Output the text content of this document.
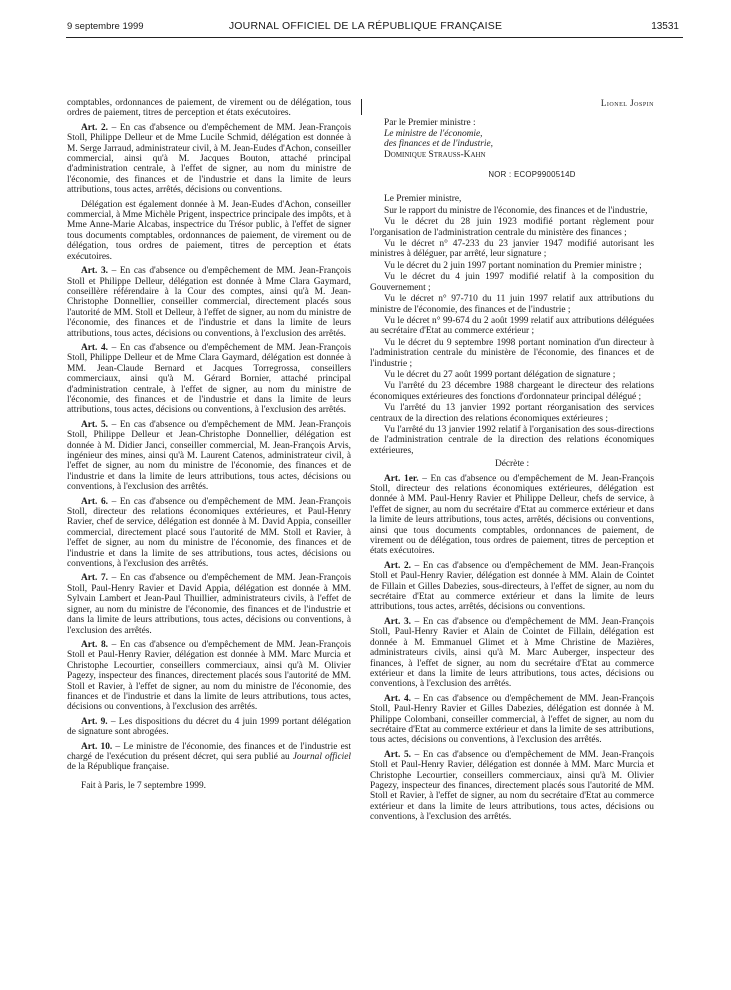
9 septembre 1999	JOURNAL OFFICIEL DE LA RÉPUBLIQUE FRANÇAISE	13531

comptables, ordonnances de paiement, de virement ou de délégation, tous ordres de paiement, titres de perception et états exécutoires.

Art. 2. – En cas d'absence ou d'empêchement de MM. Jean-François Stoll, Philippe Delleur et de Mme Lucile Schmid, délégation est donnée à M. Serge Jarraud, administrateur civil, à M. Jean-Eudes d'Achon, conseiller commercial, ainsi qu'à M. Jacques Bouton, attaché principal d'administration centrale, à l'effet de signer, au nom du ministre de l'économie, des finances et de l'industrie et dans la limite de leurs attributions, tous actes, arrêtés, décisions ou conventions.

Délégation est également donnée à M. Jean-Eudes d'Achon, conseiller commercial, à Mme Michèle Prigent, inspectrice principale des impôts, et à Mme Anne-Marie Alcabas, inspectrice du Trésor public, à l'effet de signer tous documents comptables, ordonnances de paiement, de virement ou de délégation, tous ordres de paiement, titres de perception et états exécutoires.

Art. 3. – En cas d'absence ou d'empêchement de MM. Jean-François Stoll et Philippe Delleur, délégation est donnée à Mme Clara Gaymard, conseillère référendaire à la Cour des comptes, ainsi qu'à M. Jean-Christophe Donnellier, conseiller commercial, directement placés sous l'autorité de MM. Stoll et Delleur, à l'effet de signer, au nom du ministre de l'économie, des finances et de l'industrie et dans la limite de leurs attributions, tous actes, décisions ou conventions, à l'exclusion des arrêtés.

Art. 4. – En cas d'absence ou d'empêchement de MM. Jean-François Stoll, Philippe Delleur et de Mme Clara Gaymard, délégation est donnée à MM. Jean-Claude Bernard et Jacques Torregrossa, conseillers commerciaux, ainsi qu'à M. Gérard Bornier, attaché principal d'administration centrale, à l'effet de signer, au nom du ministre de l'économie, des finances et de l'industrie et dans la limite de leurs attributions, tous actes, décisions ou conventions, à l'exclusion des arrêtés.

Art. 5. – En cas d'absence ou d'empêchement de MM. Jean-François Stoll, Philippe Delleur et Jean-Christophe Donnellier, délégation est donnée à M. Didier Janci, conseiller commercial, M. Jean-François Arvis, ingénieur des mines, ainsi qu'à M. Laurent Catenos, administrateur civil, à l'effet de signer, au nom du ministre de l'économie, des finances et de l'industrie et dans la limite de leurs attributions, tous actes, décisions ou conventions, à l'exclusion des arrêtés.

Art. 6. – En cas d'absence ou d'empêchement de MM. Jean-François Stoll, directeur des relations économiques extérieures, et Paul-Henry Ravier, chef de service, délégation est donnée à M. David Appia, conseiller commercial, directement placé sous l'autorité de MM. Stoll et Ravier, à l'effet de signer, au nom du ministre de l'économie, des finances et de l'industrie et dans la limite de ses attributions, tous actes, décisions ou conventions, à l'exclusion des arrêtés.

Art. 7. – En cas d'absence ou d'empêchement de MM. Jean-François Stoll, Paul-Henry Ravier et David Appia, délégation est donnée à MM. Sylvain Lambert et Jean-Paul Thuillier, administrateurs civils, à l'effet de signer, au nom du ministre de l'économie, des finances et de l'industrie et dans la limite de leurs attributions, tous actes, décisions ou conventions, à l'exclusion des arrêtés.

Art. 8. – En cas d'absence ou d'empêchement de MM. Jean-François Stoll et Paul-Henry Ravier, délégation est donnée à MM. Marc Murcia et Christophe Lecourtier, conseillers commerciaux, ainsi qu'à M. Olivier Pagezy, inspecteur des finances, directement placés sous l'autorité de MM. Stoll et Ravier, à l'effet de signer, au nom du ministre de l'économie, des finances et de l'industrie et dans la limite de leurs attributions, tous actes, décisions ou conventions, à l'exclusion des arrêtés.

Art. 9. – Les dispositions du décret du 4 juin 1999 portant délégation de signature sont abrogées.

Art. 10. – Le ministre de l'économie, des finances et de l'industrie est chargé de l'exécution du présent décret, qui sera publié au Journal officiel de la République française.

Fait à Paris, le 7 septembre 1999.

Lionel Jospin

Par le Premier ministre :

Le ministre de l'économie,

des finances et de l'industrie,

Dominique Strauss-Kahn

NOR : ECOP9900514D

Le Premier ministre,

Sur le rapport du ministre de l'économie, des finances et de l'industrie,

Vu le décret du 28 juin 1923 modifié portant règlement pour l'organisation de l'administration centrale du ministère des finances ;

Vu le décret n° 47-233 du 23 janvier 1947 modifié autorisant les ministres à déléguer, par arrêté, leur signature ;

Vu le décret du 2 juin 1997 portant nomination du Premier ministre ;

Vu le décret du 4 juin 1997 modifié relatif à la composition du Gouvernement ;

Vu le décret n° 97-710 du 11 juin 1997 relatif aux attributions du ministre de l'économie, des finances et de l'industrie ;

Vu le décret n° 99-674 du 2 août 1999 relatif aux attributions déléguées au secrétaire d'Etat au commerce extérieur ;

Vu le décret du 9 septembre 1998 portant nomination d'un directeur à l'administration centrale du ministère de l'économie, des finances et de l'industrie ;

Vu le décret du 27 août 1999 portant délégation de signature ;

Vu l'arrêté du 23 décembre 1988 chargeant le directeur des relations économiques extérieures des fonctions d'ordonnateur principal délégué ;

Vu l'arrêté du 13 janvier 1992 portant réorganisation des services centraux de la direction des relations économiques extérieures ;

Vu l'arrêté du 13 janvier 1992 relatif à l'organisation des sous-directions de l'administration centrale de la direction des relations économiques extérieures,

Décrète :

Art. 1er. – En cas d'absence ou d'empêchement de M. Jean-François Stoll, directeur des relations économiques extérieures, délégation est donnée à MM. Paul-Henry Ravier et Philippe Delleur, chefs de service, à l'effet de signer, au nom du secrétaire d'Etat au commerce extérieur et dans la limite de leurs attributions, tous actes, arrêtés, décisions ou conventions, ainsi que tous documents comptables, ordonnances de paiement, de virement ou de délégation, tous ordres de paiement, titres de perception et états exécutoires.

Art. 2. – En cas d'absence ou d'empêchement de MM. Jean-François Stoll et Paul-Henry Ravier, délégation est donnée à MM. Alain de Cointet de Fillain et Gilles Dabezies, sous-directeurs, à l'effet de signer, au nom du secrétaire d'Etat au commerce extérieur et dans la limite de leurs attributions, tous actes, arrêtés, décisions ou conventions.

Art. 3. – En cas d'absence ou d'empêchement de MM. Jean-François Stoll, Paul-Henry Ravier et Alain de Cointet de Fillain, délégation est donnée à M. Emmanuel Glimet et à Mme Christine de Mazières, administrateurs civils, ainsi qu'à M. Marc Auberger, inspecteur des finances, à l'effet de signer, au nom du secrétaire d'Etat au commerce extérieur et dans la limite de leurs attributions, tous actes, décisions ou conventions, à l'exclusion des arrêtés.

Art. 4. – En cas d'absence ou d'empêchement de MM. Jean-François Stoll, Paul-Henry Ravier et Gilles Dabezies, délégation est donnée à M. Philippe Colombani, conseiller commercial, à l'effet de signer, au nom du secrétaire d'Etat au commerce extérieur et dans la limite de ses attributions, tous actes, décisions ou conventions, à l'exclusion des arrêtés.

Art. 5. – En cas d'absence ou d'empêchement de MM. Jean-François Stoll et Paul-Henry Ravier, délégation est donnée à MM. Marc Murcia et Christophe Lecourtier, conseillers commerciaux, ainsi qu'à M. Olivier Pagezy, inspecteur des finances, directement placés sous l'autorité de MM. Stoll et Ravier, à l'effet de signer, au nom du secrétaire d'Etat au commerce extérieur et dans la limite de leurs attributions, tous actes, décisions ou conventions, à l'exclusion des arrêtés.
